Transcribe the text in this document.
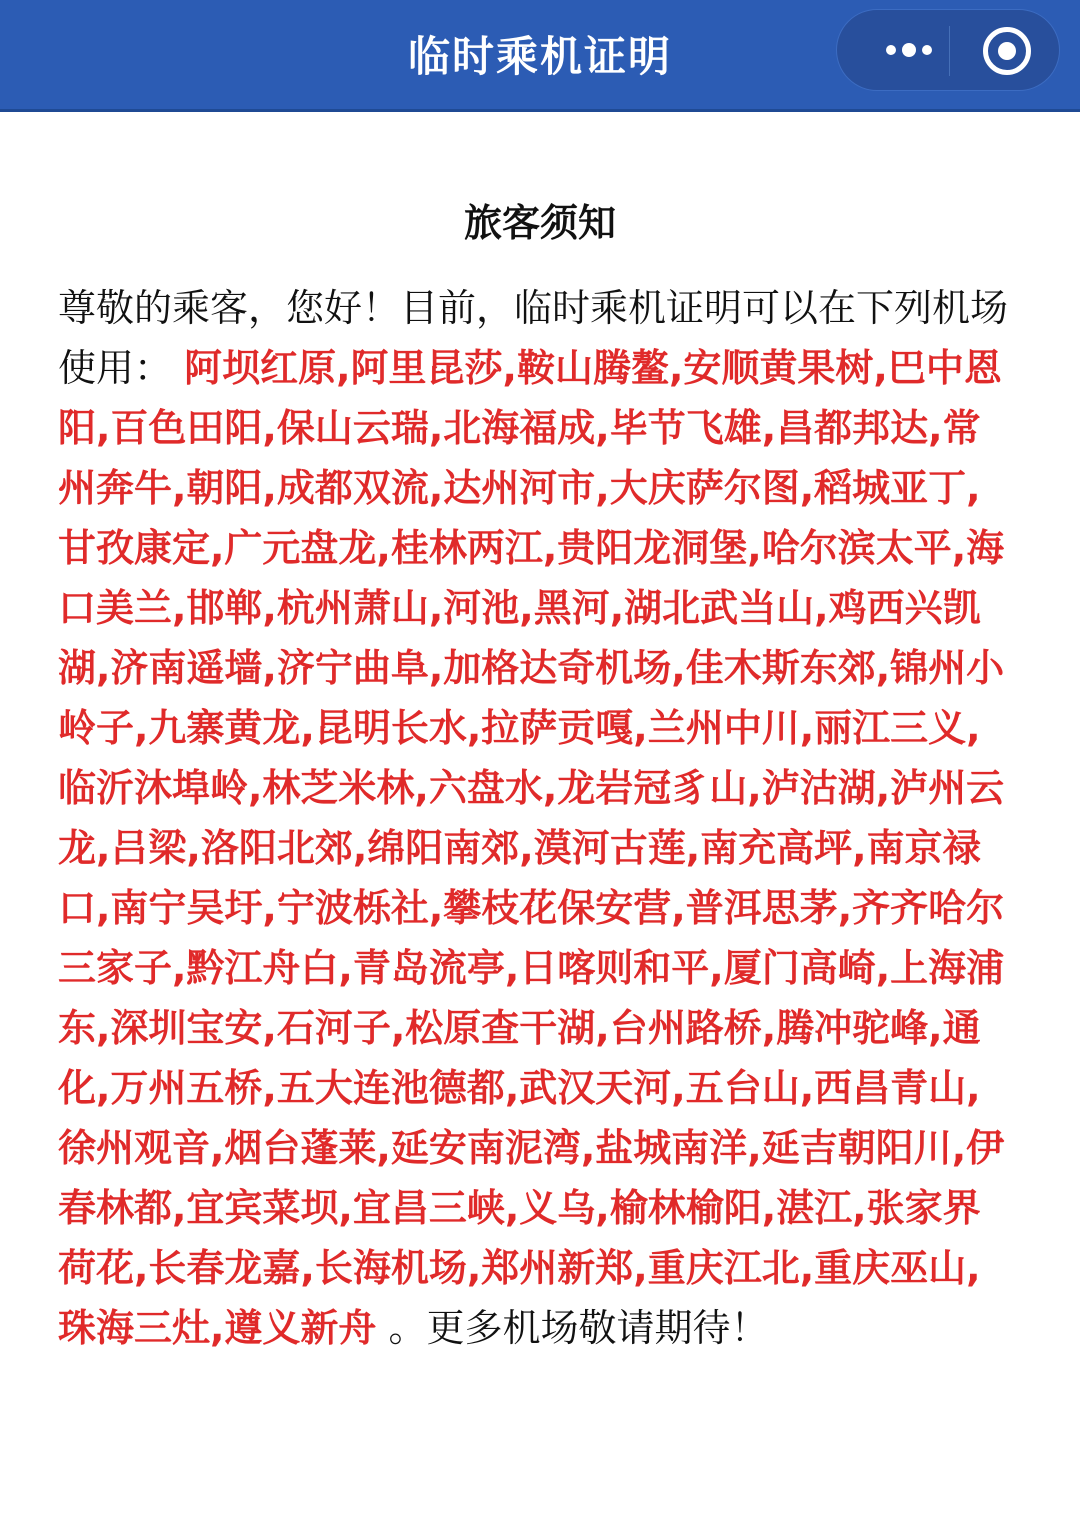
临时乘机证明
旅客须知
尊敬的乘客，您好！目前，临时乘机证明可以在下列机场使用： 阿坝红原,阿里昆莎,鞍山腾鳌,安顺黄果树,巴中恩阳,百色田阳,保山云瑞,北海福成,毕节飞雄,昌都邦达,常州奔牛,朝阳,成都双流,达州河市,大庆萨尔图,稻城亚丁,甘孜康定,广元盘龙,桂林两江,贵阳龙洞堡,哈尔滨太平,海口美兰,邯郸,杭州萧山,河池,黑河,湖北武当山,鸡西兴凯湖,济南遥墙,济宁曲阜,加格达奇机场,佳木斯东郊,锦州小岭子,九寨黄龙,昆明长水,拉萨贡嘎,兰州中川,丽江三义,临沂沐埠岭,林芝米林,六盘水,龙岩冠豸山,泸沽湖,泸州云龙,吕梁,洛阳北郊,绵阳南郊,漠河古莲,南充高坪,南京禄口,南宁吴圩,宁波栎社,攀枝花保安营,普洱思茅,齐齐哈尔三家子,黔江舟白,青岛流亭,日喀则和平,厦门高崎,上海浦东,深圳宝安,石河子,松原查干湖,台州路桥,腾冲驼峰,通化,万州五桥,五大连池德都,武汉天河,五台山,西昌青山,徐州观音,烟台蓬莱,延安南泥湾,盐城南洋,延吉朝阳川,伊春林都,宜宾菜坝,宜昌三峡,义乌,榆林榆阳,湛江,张家界荷花,长春龙嘉,长海机场,郑州新郑,重庆江北,重庆巫山,珠海三灶,遵义新舟 。更多机场敬请期待！
